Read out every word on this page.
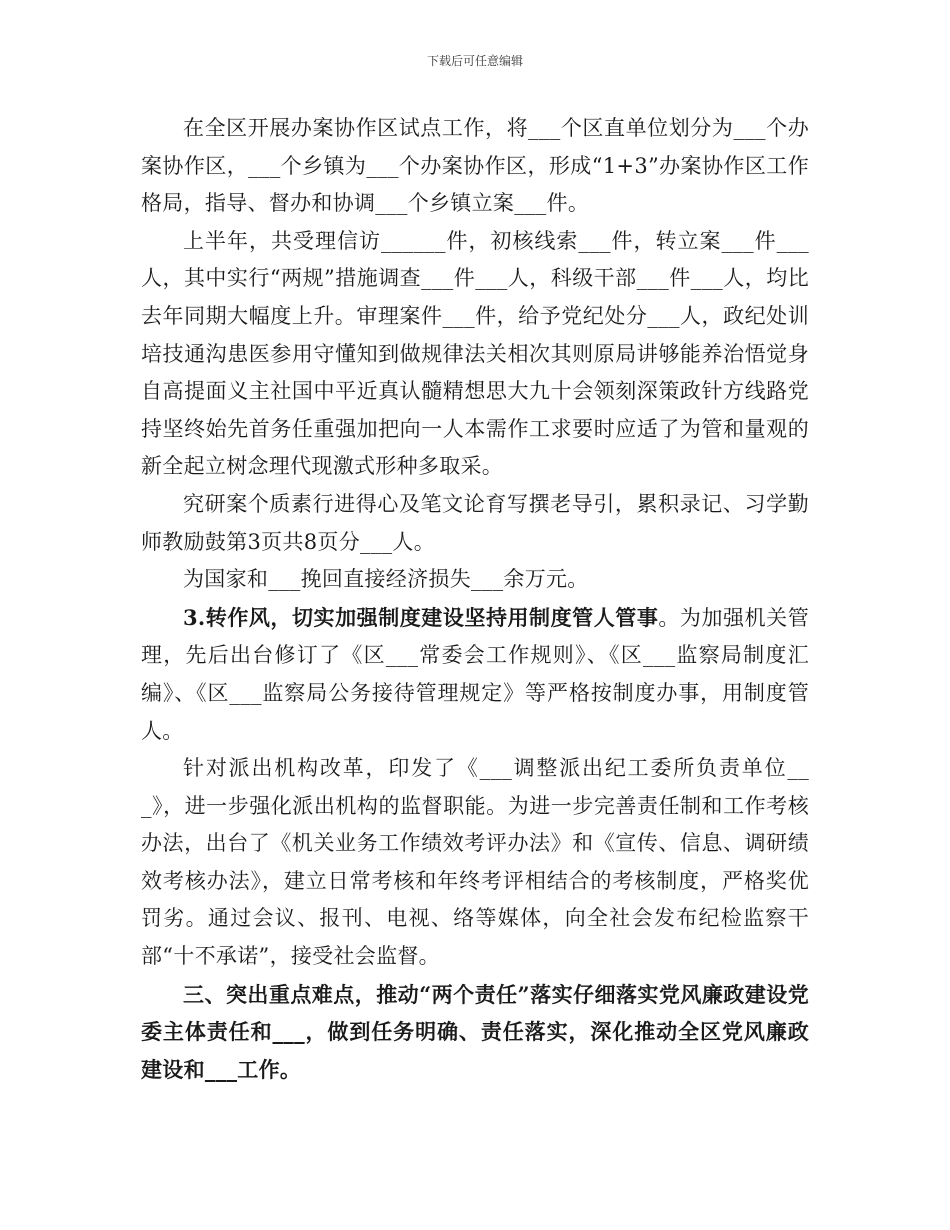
下载后可任意编辑

在全区开展办案协作区试点工作，将___个区直单位划分为___个办案协作区，___个乡镇为___个办案协作区，形成“1+3”办案协作区工作格局，指导、督办和协调___个乡镇立案___件。

上半年，共受理信访______件，初核线索___件，转立案___件___人，其中实行“两规”措施调查___件___人，科级干部___件___人，均比去年同期大幅度上升。审理案件___件，给予党纪处分___人，政纪处训培技通沟患医参用守懂知到做规律法关相次其则原局讲够能养治悟觉身自高提面义主社国中平近真认髓精想思大九十会领刻深策政针方线路党持坚终始先首务任重强加把向一人本需作工求要时应适了为管和量观的新全起立树念理代现激式形种多取采。

究研案个质素行进得心及笔文论育写撰老导引，累积录记、习学勤师教励鼓第3页共8页分___人。

为国家和___挽回直接经济损失___余万元。

3.转作风，切实加强制度建设坚持用制度管人管事。为加强机关管理，先后出台修订了《区___常委会工作规则》、《区___监察局制度汇编》、《区___监察局公务接待管理规定》等严格按制度办事，用制度管人。

针对派出机构改革，印发了《___调整派出纪工委所负责单位___》，进一步强化派出机构的监督职能。为进一步完善责任制和工作考核办法，出台了《机关业务工作绩效考评办法》和《宣传、信息、调研绩效考核办法》，建立日常考核和年终考评相结合的考核制度，严格奖优罚劣。通过会议、报刊、电视、络等媒体，向全社会发布纪检监察干部“十不承诺”，接受社会监督。

三、突出重点难点，推动“两个责任”落实仔细落实党风廉政建设党委主体责任和___，做到任务明确、责任落实，深化推动全区党风廉政建设和___工作。
